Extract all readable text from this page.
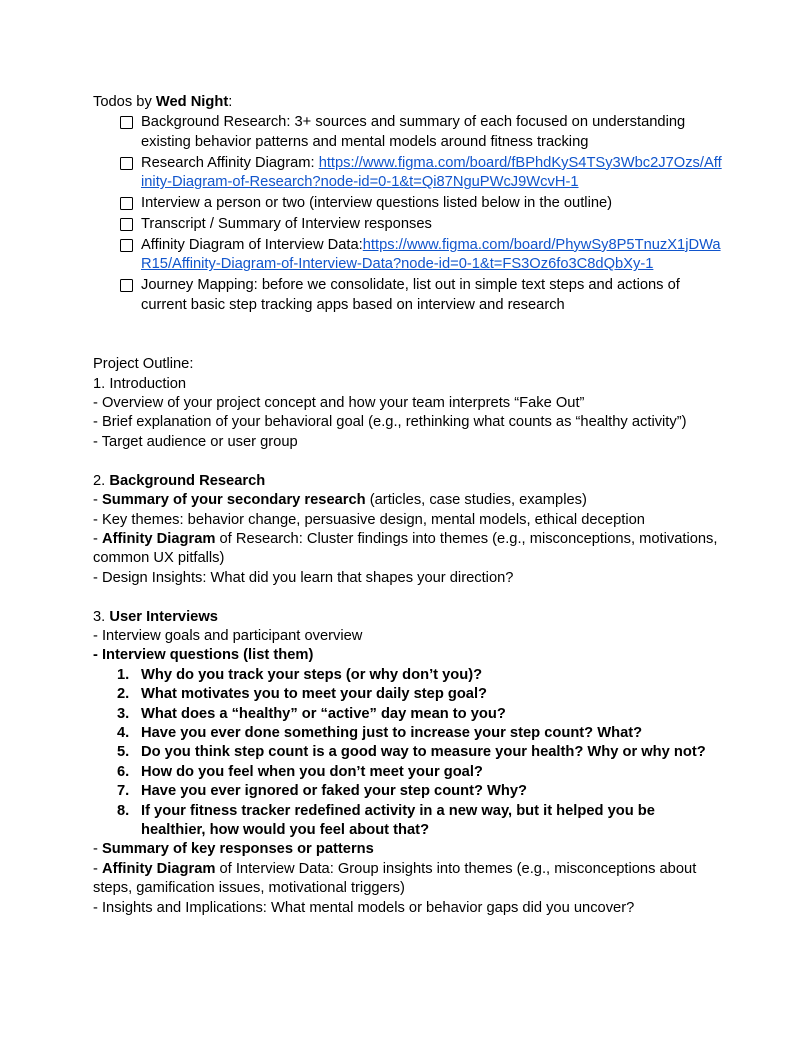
Todos by Wed Night:

Background Research: 3+ sources and summary of each focused on understanding existing behavior patterns and mental models around fitness tracking
Research Affinity Diagram: https://www.figma.com/board/fBPhdKyS4TSy3Wbc2J7Ozs/Affinity-Diagram-of-Research?node-id=0-1&t=Qi87NguPWcJ9WcvH-1
Interview a person or two (interview questions listed below in the outline)
Transcript / Summary of Interview responses
Affinity Diagram of Interview Data:https://www.figma.com/board/PhywSy8P5TnuzX1jDWaR15/Affinity-Diagram-of-Interview-Data?node-id=0-1&t=FS3Oz6fo3C8dQbXy-1
Journey Mapping: before we consolidate, list out in simple text steps and actions of current basic step tracking apps based on interview and research

Project Outline:

1. Introduction

- Overview of your project concept and how your team interprets “Fake Out”

- Brief explanation of your behavioral goal (e.g., rethinking what counts as “healthy activity”)

- Target audience or user group

2. Background Research

- Summary of your secondary research (articles, case studies, examples)

- Key themes: behavior change, persuasive design, mental models, ethical deception

- Affinity Diagram of Research: Cluster findings into themes (e.g., misconceptions, motivations, common UX pitfalls)

- Design Insights: What did you learn that shapes your direction?

3. User Interviews

- Interview goals and participant overview

- Interview questions (list them)

1. Why do you track your steps (or why don’t you)?
2. What motivates you to meet your daily step goal?
3. What does a “healthy” or “active” day mean to you?
4. Have you ever done something just to increase your step count? What?
5. Do you think step count is a good way to measure your health? Why or why not?
6. How do you feel when you don’t meet your goal?
7. Have you ever ignored or faked your step count? Why?
8. If your fitness tracker redefined activity in a new way, but it helped you be healthier, how would you feel about that?

- Summary of key responses or patterns

- Affinity Diagram of Interview Data: Group insights into themes (e.g., misconceptions about steps, gamification issues, motivational triggers)

- Insights and Implications: What mental models or behavior gaps did you uncover?
